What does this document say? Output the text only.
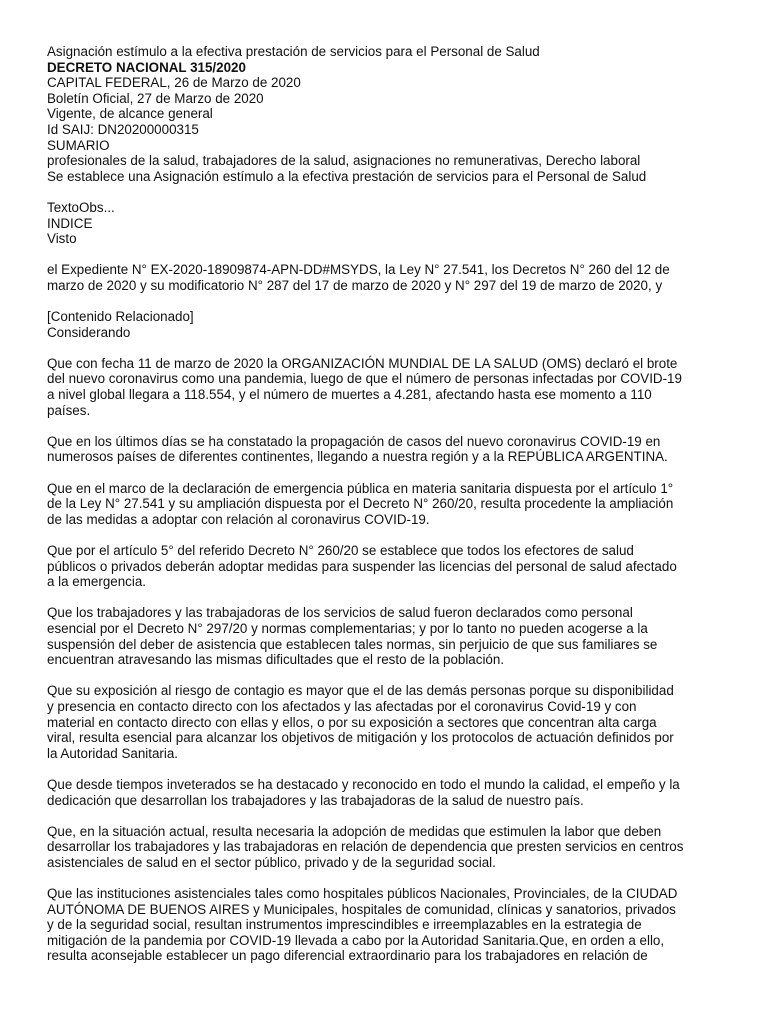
Asignación estímulo a la efectiva prestación de servicios para el Personal de Salud
DECRETO NACIONAL 315/2020
CAPITAL FEDERAL, 26 de Marzo de 2020
Boletín Oficial, 27 de Marzo de 2020
Vigente, de alcance general
Id SAIJ: DN20200000315
SUMARIO
profesionales de la salud, trabajadores de la salud, asignaciones no remunerativas, Derecho laboral
Se establece una Asignación estímulo a la efectiva prestación de servicios para el Personal de Salud
TextoObs...
INDICE
Visto
el Expediente N° EX-2020-18909874-APN-DD#MSYDS, la Ley N° 27.541, los Decretos N° 260 del 12 de
marzo de 2020 y su modificatorio N° 287 del 17 de marzo de 2020 y N° 297 del 19 de marzo de 2020, y
[Contenido Relacionado]
Considerando
Que con fecha 11 de marzo de 2020 la ORGANIZACIÓN MUNDIAL DE LA SALUD (OMS) declaró el brote
del nuevo coronavirus como una pandemia, luego de que el número de personas infectadas por COVID-19
a nivel global llegara a 118.554, y el número de muertes a 4.281, afectando hasta ese momento a 110
países.
Que en los últimos días se ha constatado la propagación de casos del nuevo coronavirus COVID-19 en
numerosos países de diferentes continentes, llegando a nuestra región y a la REPÚBLICA ARGENTINA.
Que en el marco de la declaración de emergencia pública en materia sanitaria dispuesta por el artículo 1°
de la Ley N° 27.541 y su ampliación dispuesta por el Decreto N° 260/20, resulta procedente la ampliación
de las medidas a adoptar con relación al coronavirus COVID-19.
Que por el artículo 5° del referido Decreto N° 260/20 se establece que todos los efectores de salud
públicos o privados deberán adoptar medidas para suspender las licencias del personal de salud afectado
a la emergencia.
Que los trabajadores y las trabajadoras de los servicios de salud fueron declarados como personal
esencial por el Decreto N° 297/20 y normas complementarias; y por lo tanto no pueden acogerse a la
suspensión del deber de asistencia que establecen tales normas, sin perjuicio de que sus familiares se
encuentran atravesando las mismas dificultades que el resto de la población.
Que su exposición al riesgo de contagio es mayor que el de las demás personas porque su disponibilidad
y presencia en contacto directo con los afectados y las afectadas por el coronavirus Covid-19 y con
material en contacto directo con ellas y ellos, o por su exposición a sectores que concentran alta carga
viral, resulta esencial para alcanzar los objetivos de mitigación y los protocolos de actuación definidos por
la Autoridad Sanitaria.
Que desde tiempos inveterados se ha destacado y reconocido en todo el mundo la calidad, el empeño y la
dedicación que desarrollan los trabajadores y las trabajadoras de la salud de nuestro país.
Que, en la situación actual, resulta necesaria la adopción de medidas que estimulen la labor que deben
desarrollar los trabajadores y las trabajadoras en relación de dependencia que presten servicios en centros
asistenciales de salud en el sector público, privado y de la seguridad social.
Que las instituciones asistenciales tales como hospitales públicos Nacionales, Provinciales, de la CIUDAD
AUTÓNOMA DE BUENOS AIRES y Municipales, hospitales de comunidad, clínicas y sanatorios, privados
y de la seguridad social, resultan instrumentos imprescindibles e irreemplazables en la estrategia de
mitigación de la pandemia por COVID-19 llevada a cabo por la Autoridad Sanitaria.Que, en orden a ello,
resulta aconsejable establecer un pago diferencial extraordinario para los trabajadores en relación de
